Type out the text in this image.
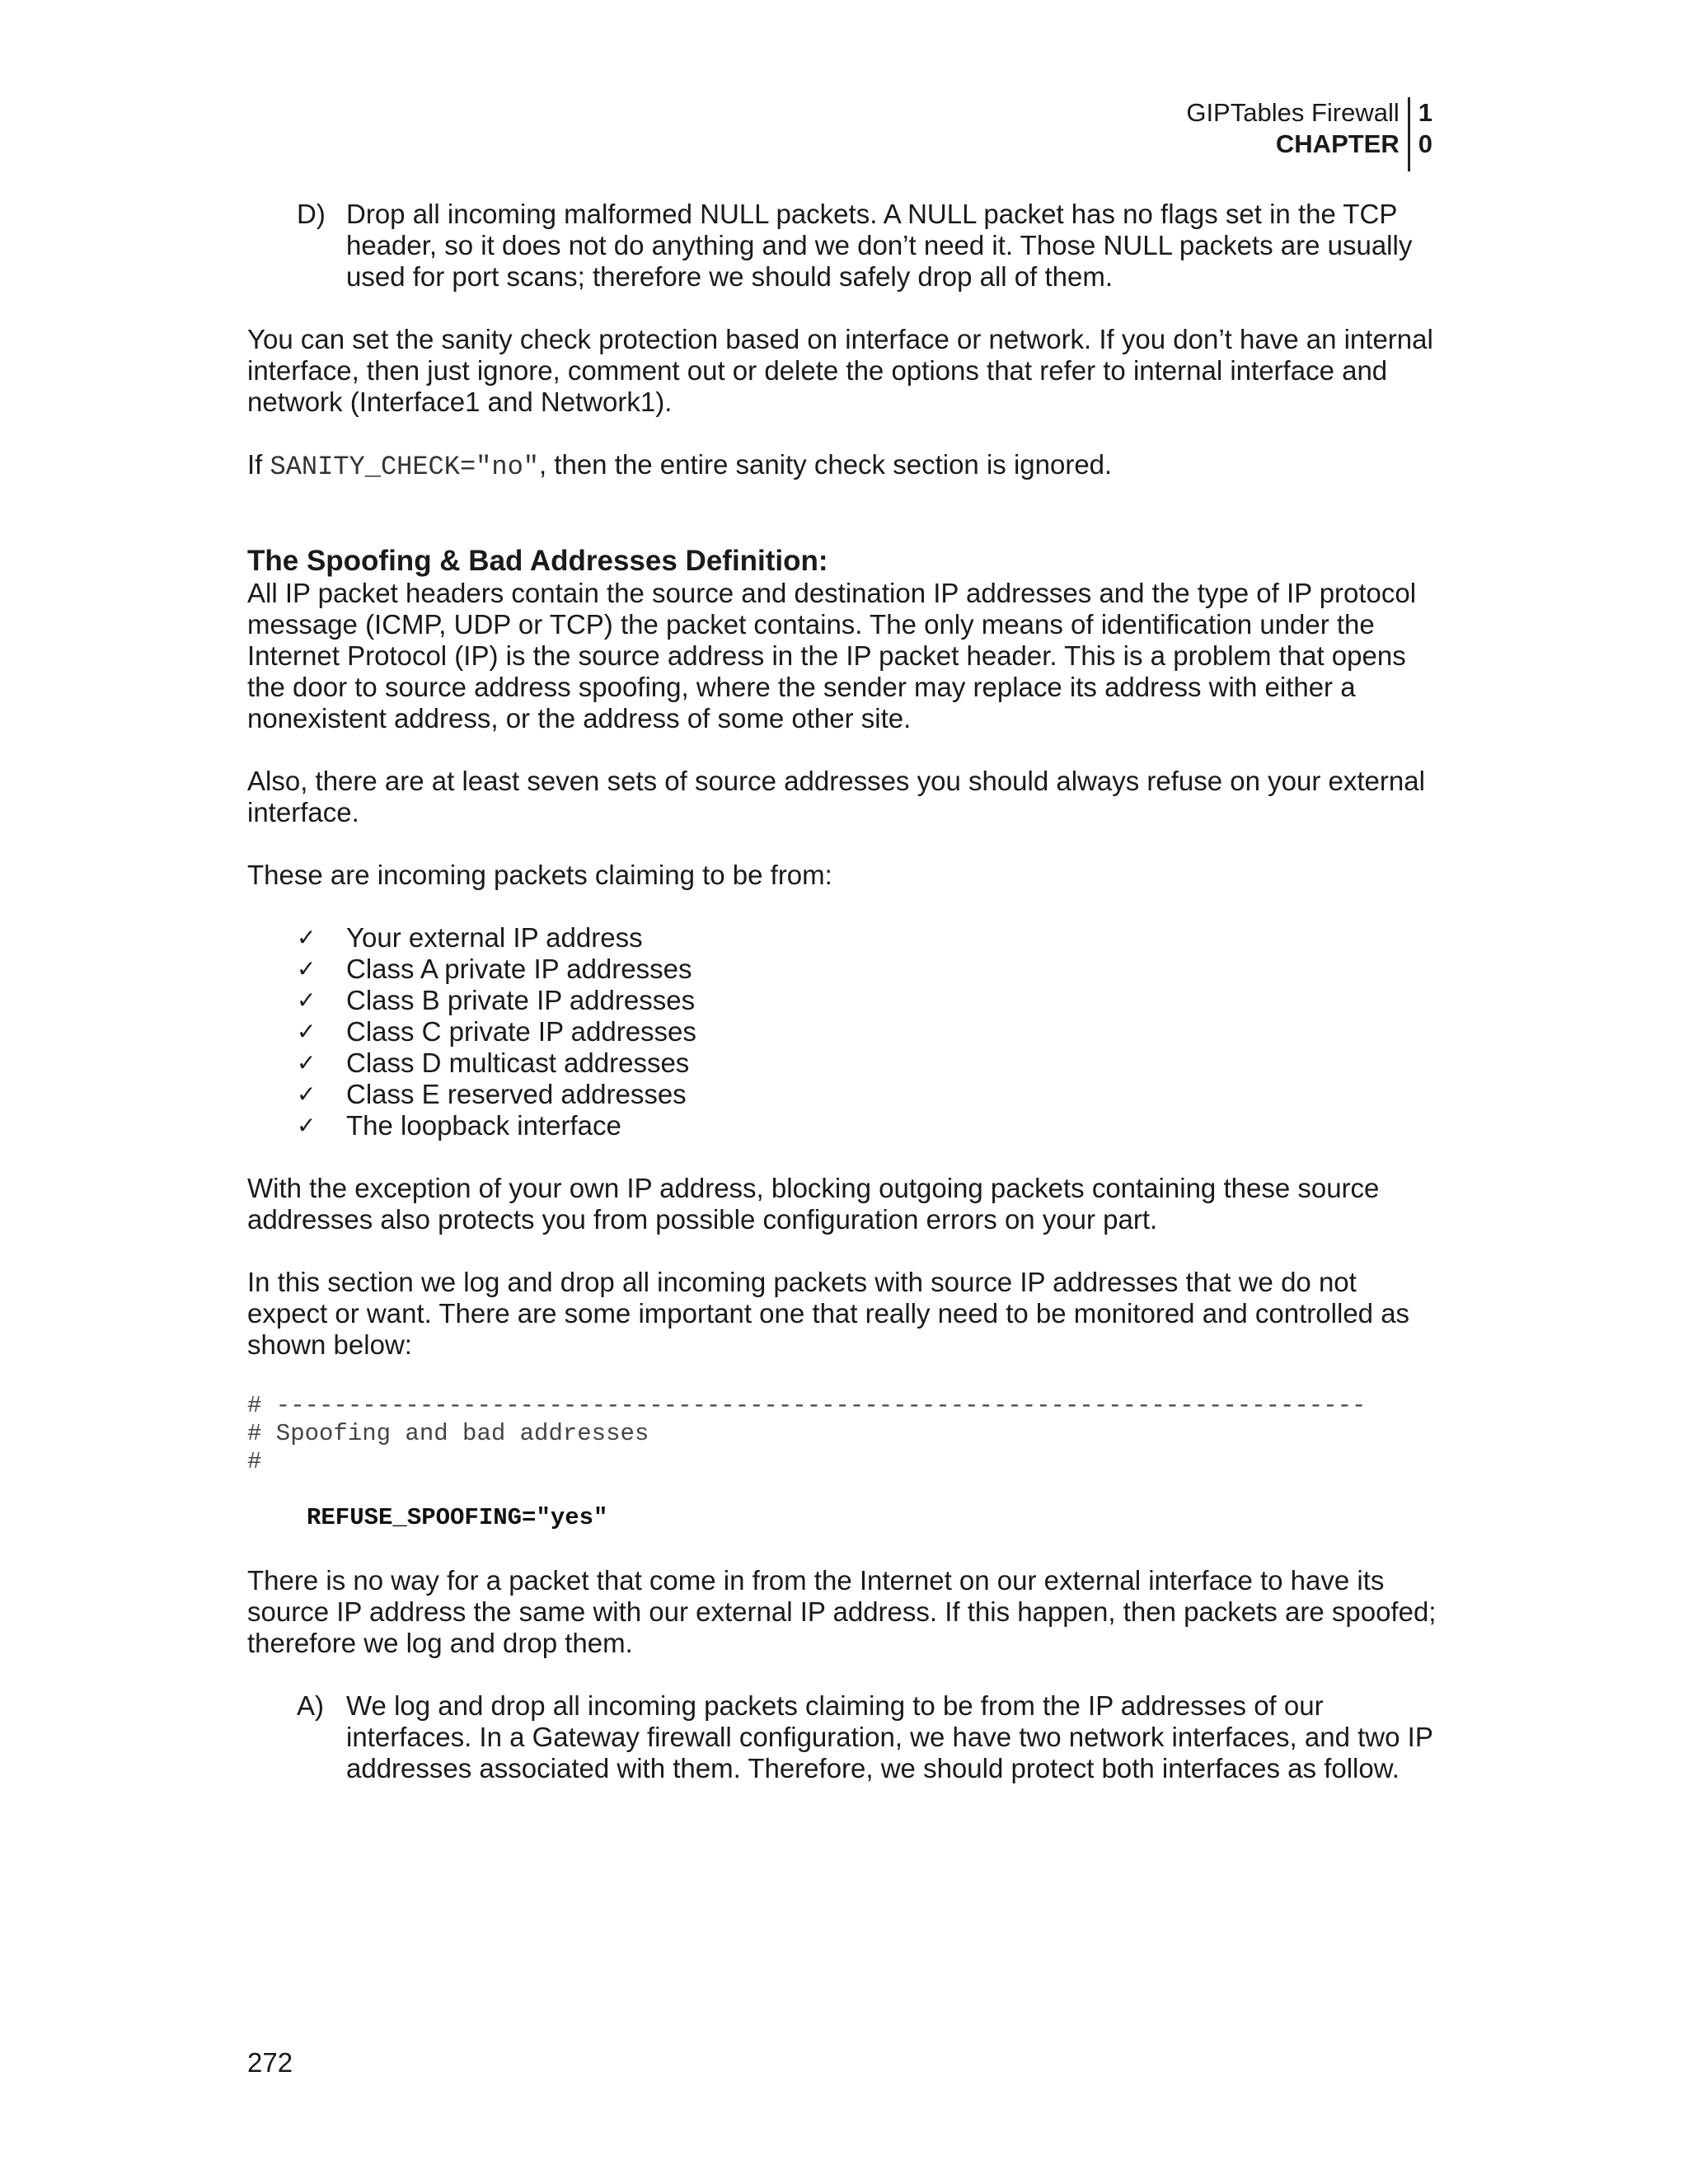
GIPTables Firewall
CHAPTER
1
0
D) Drop all incoming malformed NULL packets. A NULL packet has no flags set in the TCP header, so it does not do anything and we don’t need it. Those NULL packets are usually used for port scans; therefore we should safely drop all of them.

You can set the sanity check protection based on interface or network. If you don’t have an internal interface, then just ignore, comment out or delete the options that refer to internal interface and network (Interface1 and Network1).

If SANITY_CHECK="no", then the entire sanity check section is ignored.

The Spoofing & Bad Addresses Definition:

All IP packet headers contain the source and destination IP addresses and the type of IP protocol message (ICMP, UDP or TCP) the packet contains. The only means of identification under the Internet Protocol (IP) is the source address in the IP packet header. This is a problem that opens the door to source address spoofing, where the sender may replace its address with either a nonexistent address, or the address of some other site.

Also, there are at least seven sets of source addresses you should always refuse on your external interface.

These are incoming packets claiming to be from:

✓	Your external IP address
✓	Class A private IP addresses
✓	Class B private IP addresses
✓	Class C private IP addresses
✓	Class D multicast addresses
✓	Class E reserved addresses
✓	The loopback interface

With the exception of your own IP address, blocking outgoing packets containing these source addresses also protects you from possible configuration errors on your part.

In this section we log and drop all incoming packets with source IP addresses that we do not expect or want. There are some important one that really need to be monitored and controlled as shown below:

# ----------------------------------------------------------------------------
# Spoofing and bad addresses
#
REFUSE_SPOOFING="yes"

There is no way for a packet that come in from the Internet on our external interface to have its source IP address the same with our external IP address. If this happen, then packets are spoofed; therefore we log and drop them.

A) We log and drop all incoming packets claiming to be from the IP addresses of our interfaces. In a Gateway firewall configuration, we have two network interfaces, and two IP addresses associated with them. Therefore, we should protect both interfaces as follow.
272
